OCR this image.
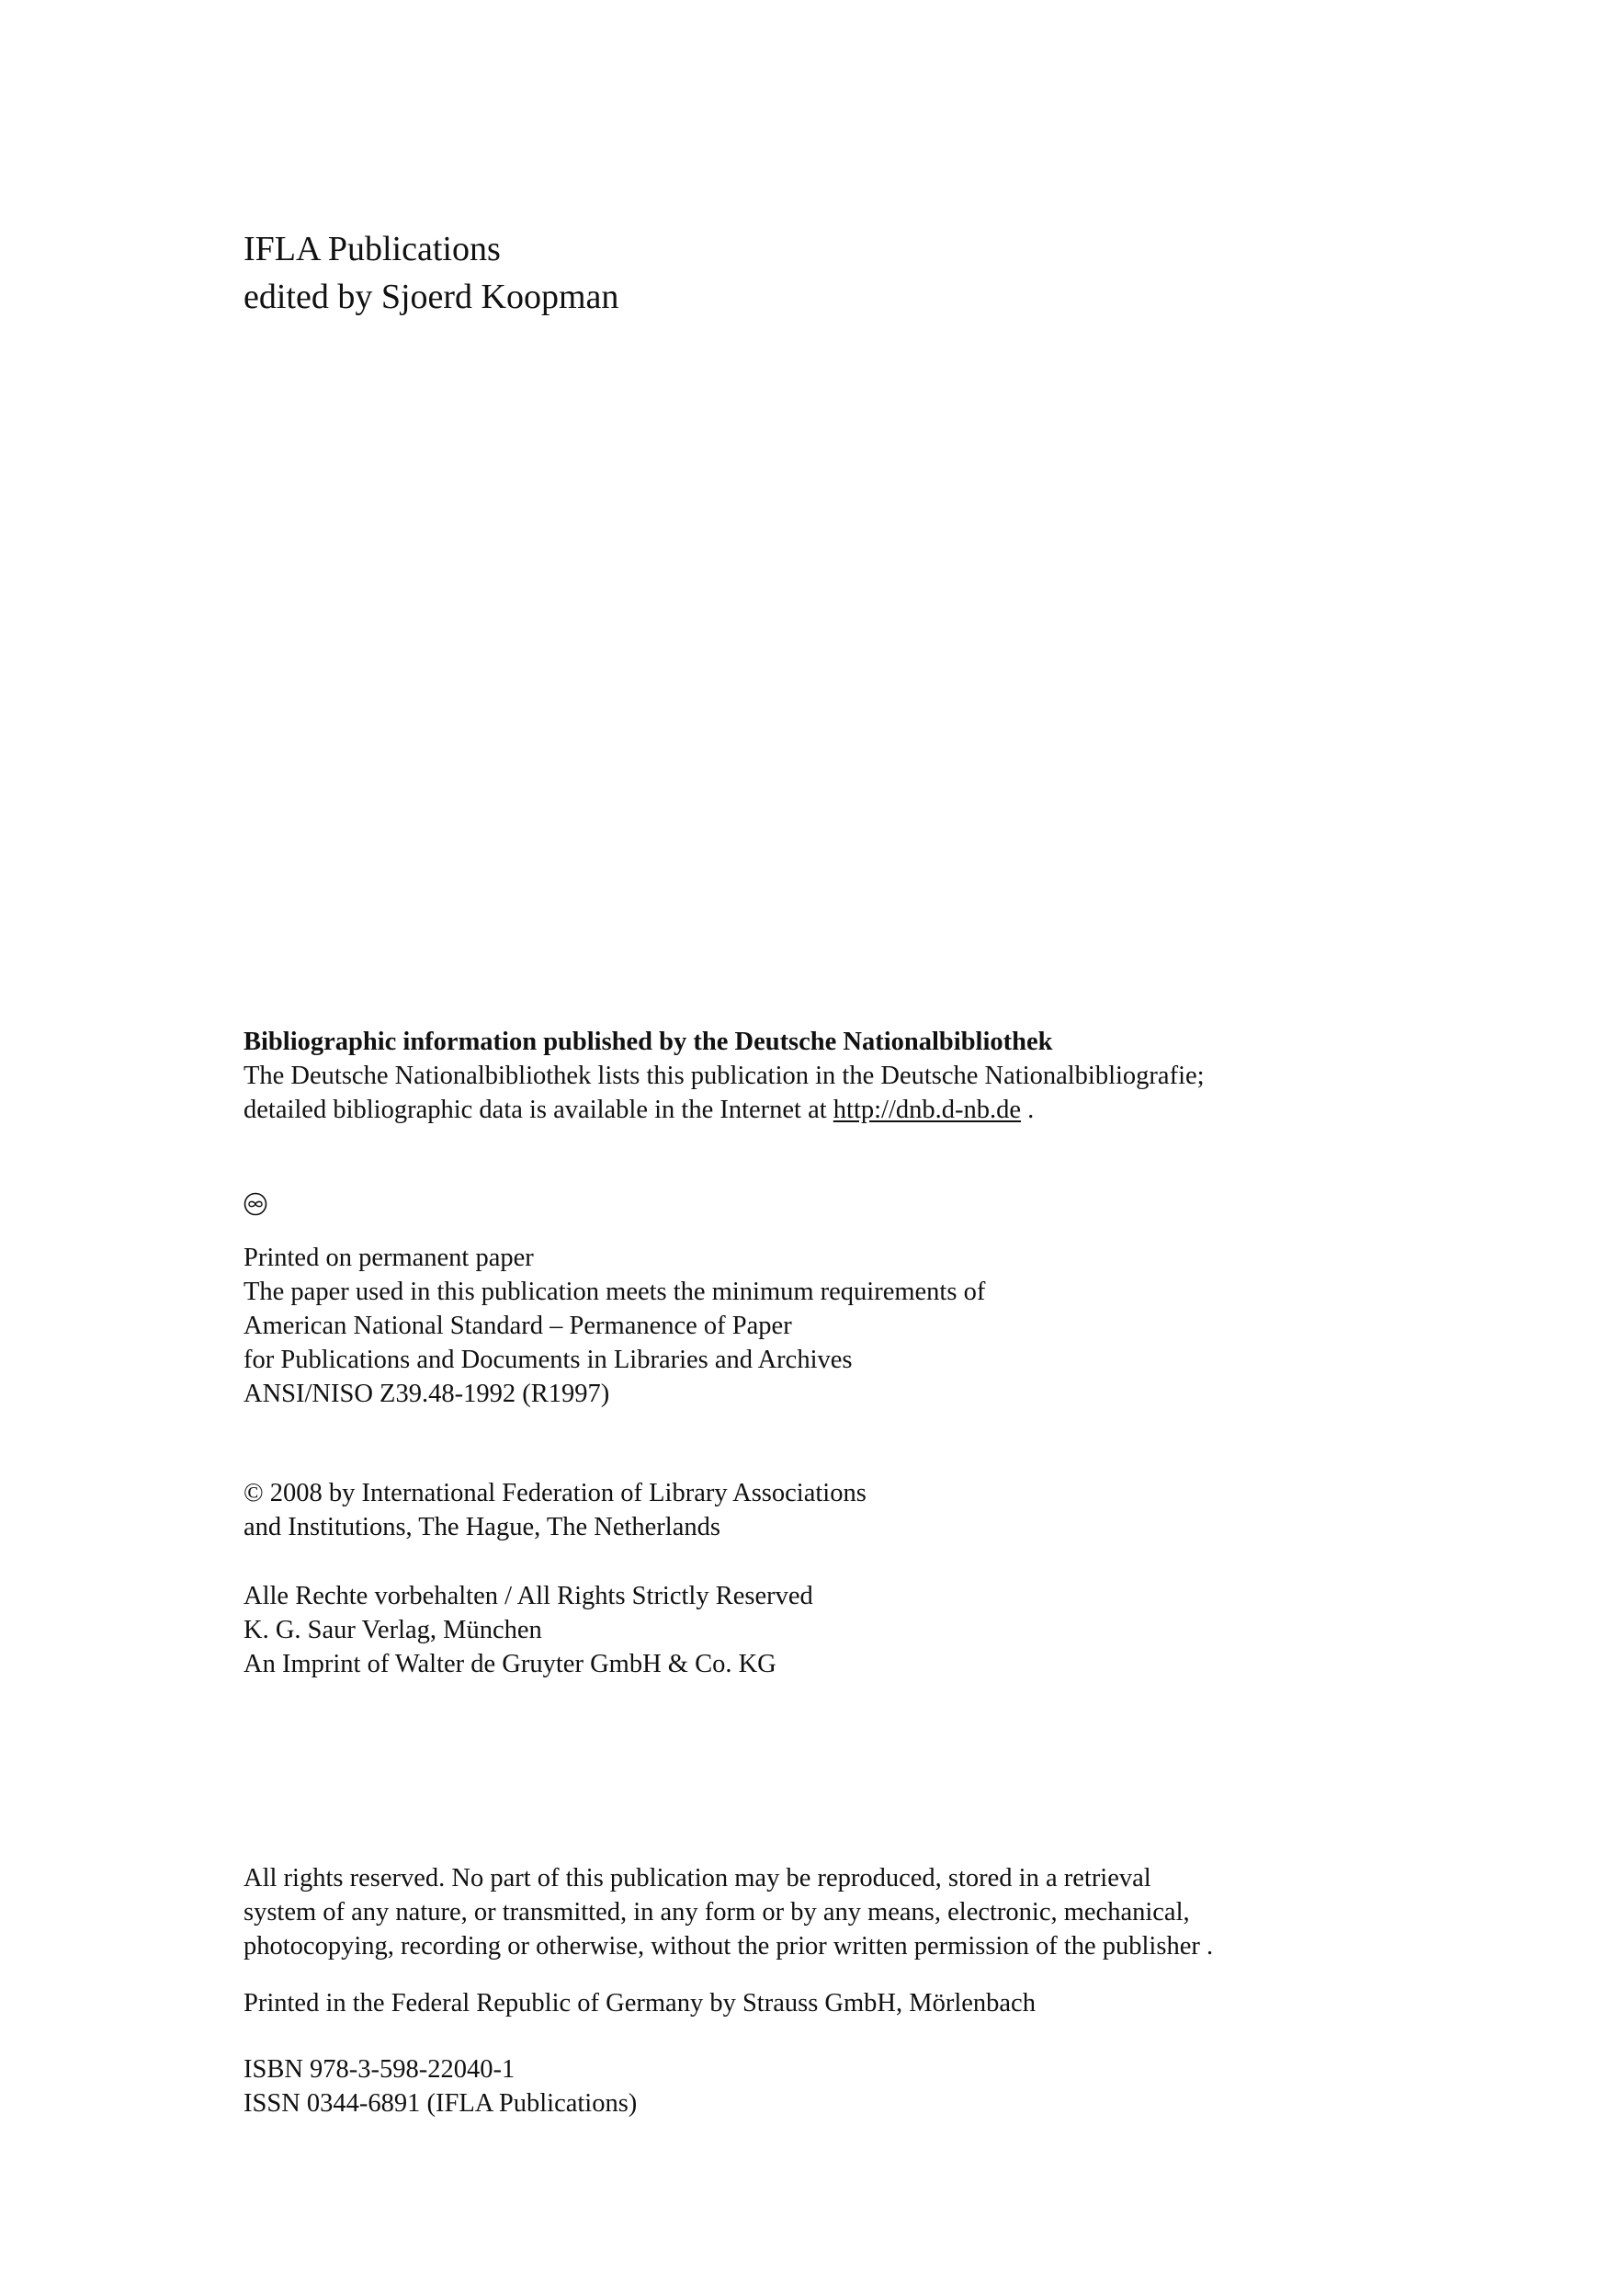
IFLA Publications
edited by Sjoerd Koopman
Bibliographic information published by the Deutsche Nationalbibliothek
The Deutsche Nationalbibliothek lists this publication in the Deutsche Nationalbibliografie;
detailed bibliographic data is available in the Internet at http://dnb.d-nb.de .
Printed on permanent paper
The paper used in this publication meets the minimum requirements of
American National Standard – Permanence of Paper
for Publications and Documents in Libraries and Archives
ANSI/NISO Z39.48-1992 (R1997)
© 2008 by International Federation of Library Associations
and Institutions, The Hague, The Netherlands
Alle Rechte vorbehalten / All Rights Strictly Reserved
K. G. Saur Verlag, München
An Imprint of Walter de Gruyter GmbH & Co. KG
All rights reserved. No part of this publication may be reproduced, stored in a retrieval
system of any nature, or transmitted, in any form or by any means, electronic, mechanical,
photocopying, recording or otherwise, without the prior written permission of the publisher .
Printed in the Federal Republic of Germany by Strauss GmbH, Mörlenbach
ISBN 978-3-598-22040-1
ISSN 0344-6891 (IFLA Publications)
